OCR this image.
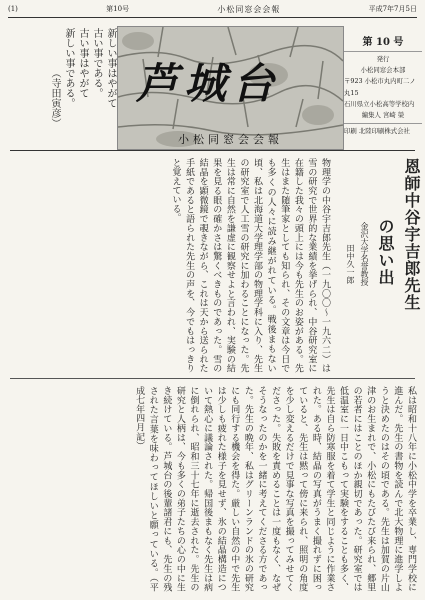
(1)	第10号	小松同窓会会報	平成7年7月5日
新しい事はやがて
古い事である。
古い事はやがて
新しい事である。
（寺田寅彦） 芦城台
小松同窓会会報
第 10 号
発行
小松同窓会本部
〒923 小松市丸内町二ノ丸15
石川県立小松高等学校内
編集人 宮崎 榮
印刷 北陸印刷株式会社
恩師中谷宇吉郎先生
の思い出
金沢大学名誉教授
田中久一郎
物理学の中谷宇吉郎先生（一九〇〇〜一九六二）は雪の研究で世界的な業績を挙げられ、中谷研究室に在籍した我々の頭上には今も先生のお姿がある。先生はまた随筆家としても知られ、その文章は今日でも多くの人々に読み継がれている。戦後まもない頃、私は北海道大学理学部の物理学科に入り、先生の研究室で人工雪の研究に加わることになった。先生は常に自然を謙虚に観察せよと言われ、実験の結果を見る眼の確かさは驚くべきものであった。雪の結晶を顕微鏡で覗きながら、これは天から送られた手紙であると語られた先生の声を、今でもはっきりと覚えている。
私は昭和十八年に小松中学を卒業し、専門学校に進んだ。先生の書物を読んで北大物理に進学しようと決めたのはその頃である。先生は加賀の片山津のお生まれで、小松にもたびたび来られ、郷里の若者にはことのほか親切であった。研究室では低温室に一日中こもって実験をすることも多く、先生は自ら防寒服を着て学生と同じように作業された。ある時、結晶の写真がうまく撮れずに困っていると、先生は黙って傍に来られ、照明の角度を少し変えるだけで見事な写真を撮ってみせてくださった。失敗を責めることは一度もなく、なぜそうなったのかを一緒に考えてくださる方であった。先生の晩年、私はグリーンランドの氷の研究にも同行する機会を得た。厳しい自然の中で先生は少しも疲れた様子を見せず、氷の結晶構造について熱心に議論された。帰国後まもなく先生は病に倒れられ、昭和三十七年に逝去された。先生の研究と人柄は、今も多くの弟子たちの心の中に生き続けている。芦城台の後輩諸君にも、先生の残された言葉を味わってほしいと願っている。（平成七年四月記）
